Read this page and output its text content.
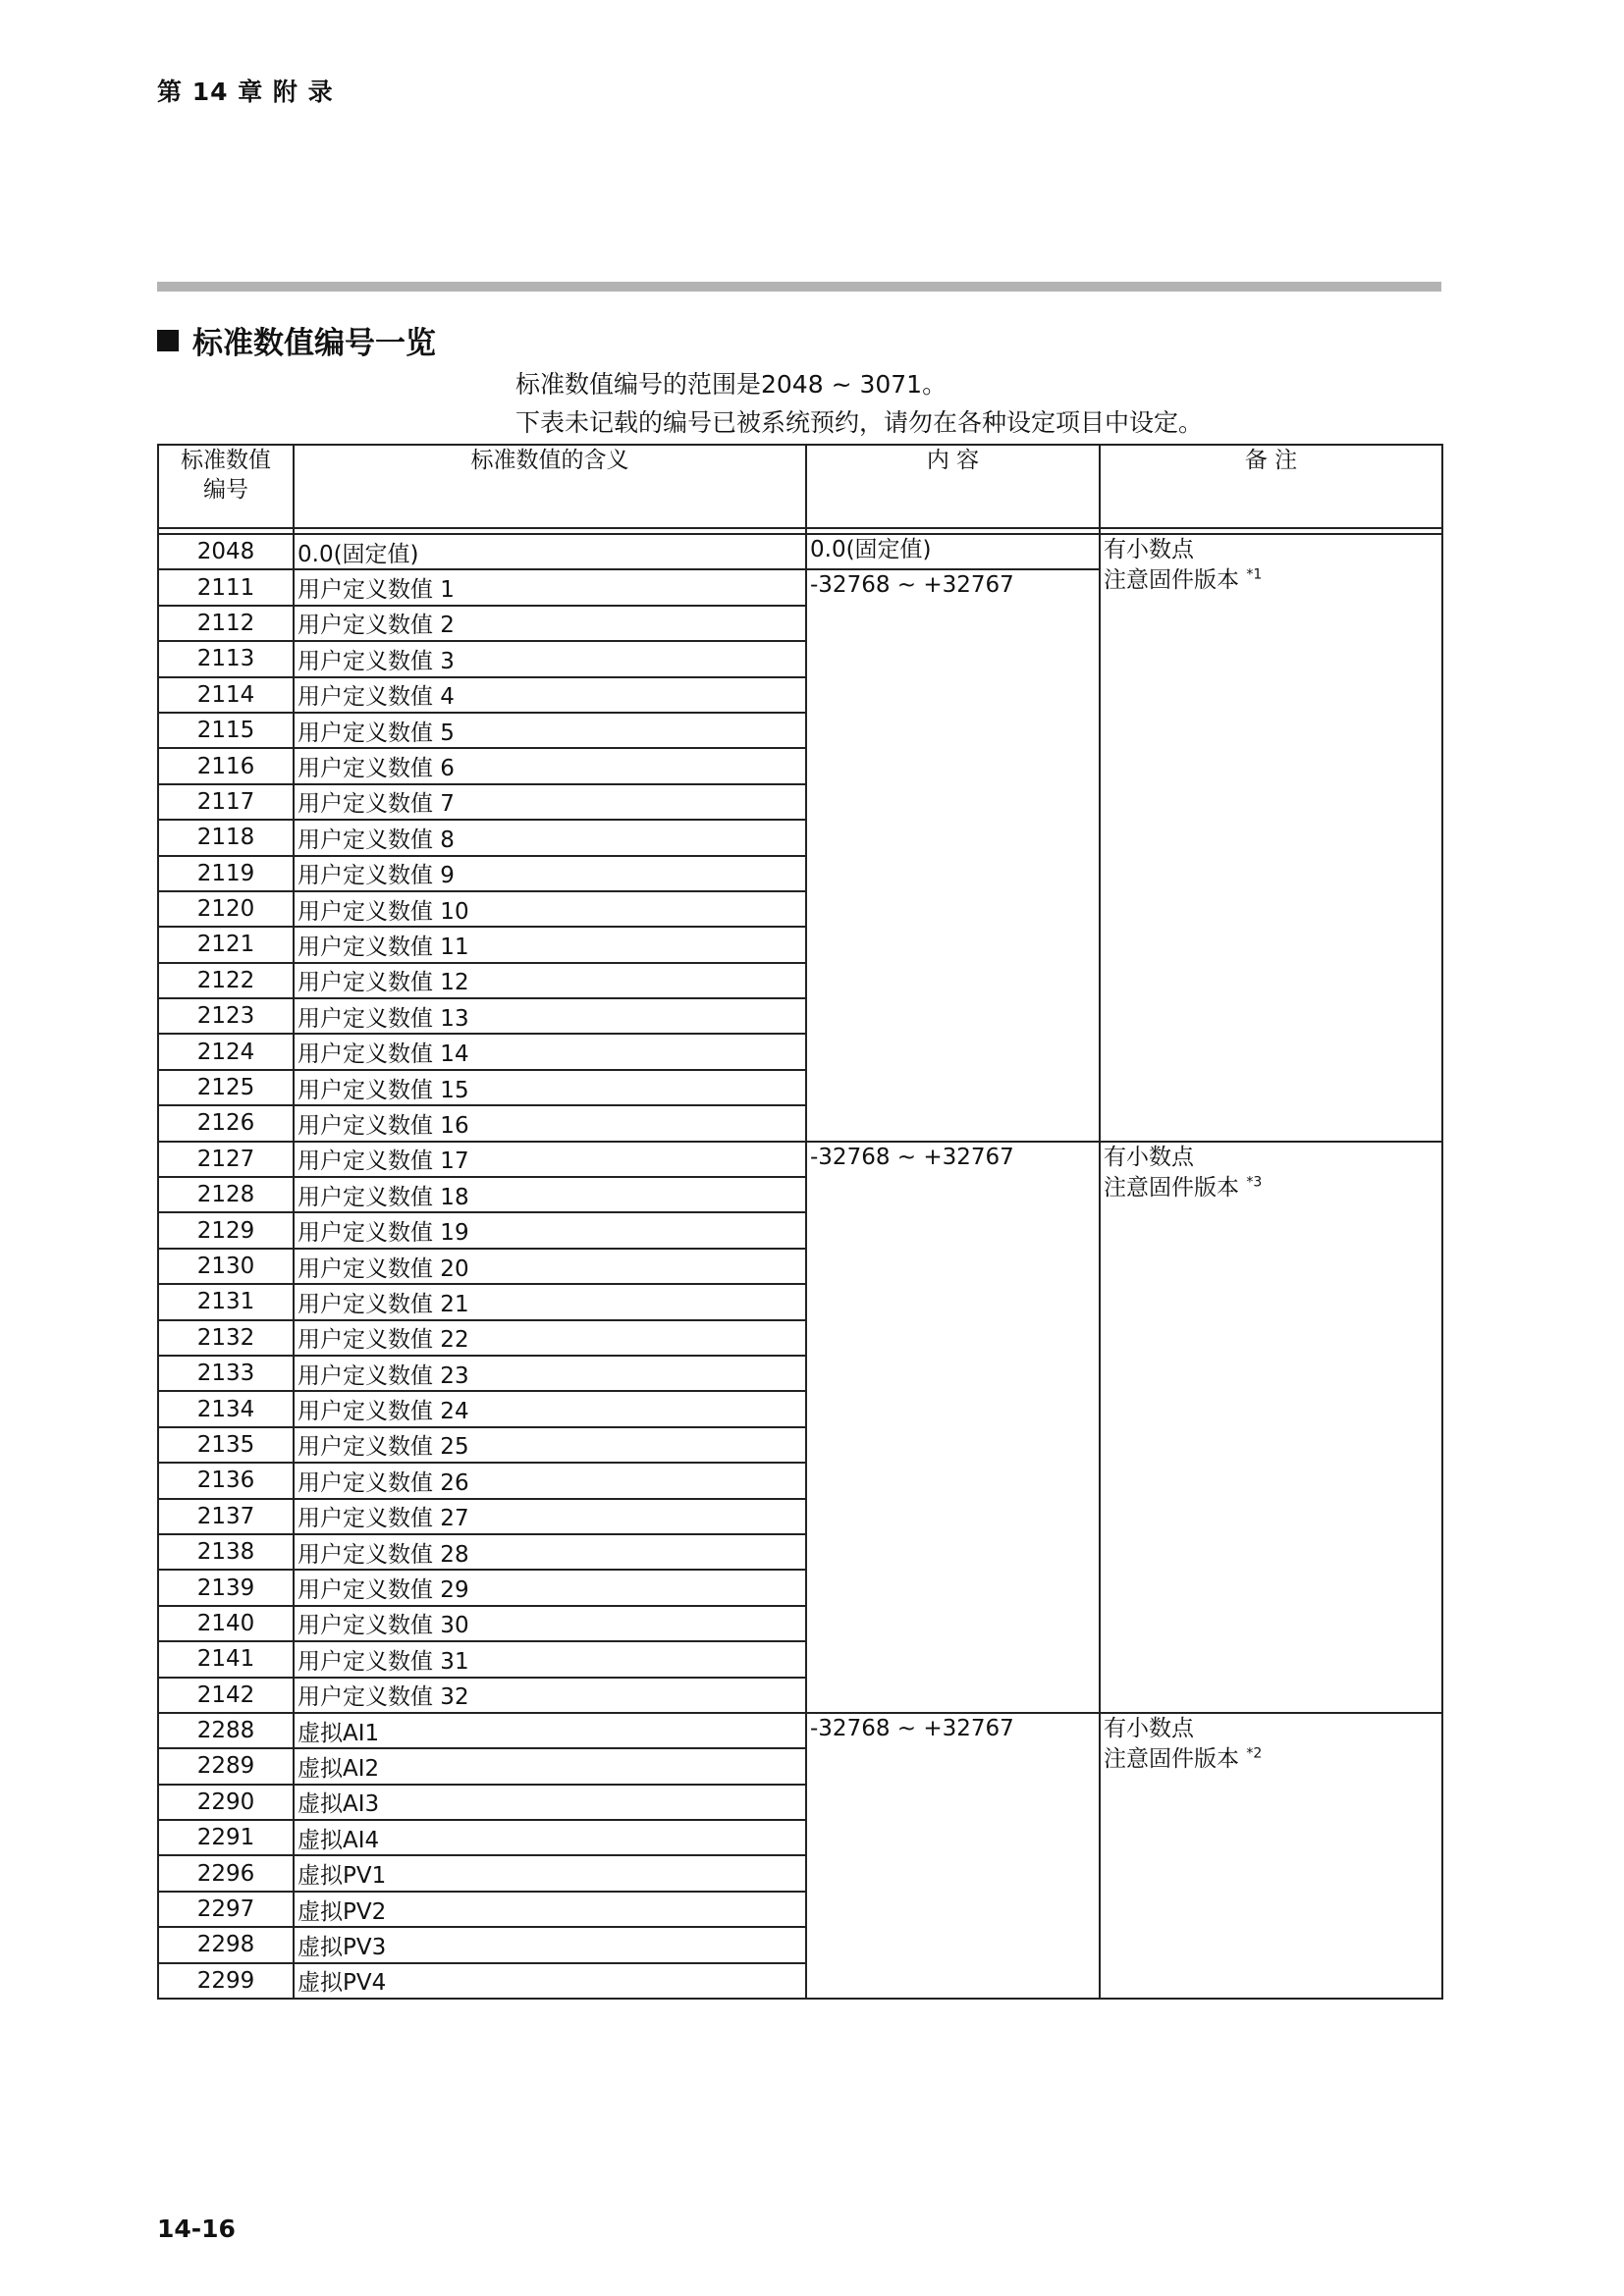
第 14 章 附 录
标准数值编号一览
标准数值编号的范围是2048 ~ 3071。
下表未记载的编号已被系统预约，请勿在各种设定项目中设定。
标准数值
编号	标准数值的含义	内 容	备 注

2048	0.0(固定值)	0.0(固定值)	有小数点
注意固件版本 $^{*1}$

2111	用户定义数值 1	-32768 ~ +32767	
2112	用户定义数值 2		
2113	用户定义数值 3		
2114	用户定义数值 4		
2115	用户定义数值 5		
2116	用户定义数值 6		
2117	用户定义数值 7		
2118	用户定义数值 8		
2119	用户定义数值 9		
2120	用户定义数值 10		
2121	用户定义数值 11		
2122	用户定义数值 12		
2123	用户定义数值 13		
2124	用户定义数值 14		
2125	用户定义数值 15		
2126	用户定义数值 16		
2127	用户定义数值 17	-32768 ~ +32767	有小数点
注意固件版本 $^{*3}$

2128	用户定义数值 18		
2129	用户定义数值 19		
2130	用户定义数值 20		
2131	用户定义数值 21		
2132	用户定义数值 22		
2133	用户定义数值 23		
2134	用户定义数值 24		
2135	用户定义数值 25		
2136	用户定义数值 26		
2137	用户定义数值 27		
2138	用户定义数值 28		
2139	用户定义数值 29		
2140	用户定义数值 30		
2141	用户定义数值 31		
2142	用户定义数值 32		
2288	虚拟AI1	-32768 ~ +32767	有小数点
注意固件版本 $^{*2}$

2289	虚拟AI2		
2290	虚拟AI3		
2291	虚拟AI4		
2296	虚拟PV1		
2297	虚拟PV2		
2298	虚拟PV3		
2299	虚拟PV4		
14-16
